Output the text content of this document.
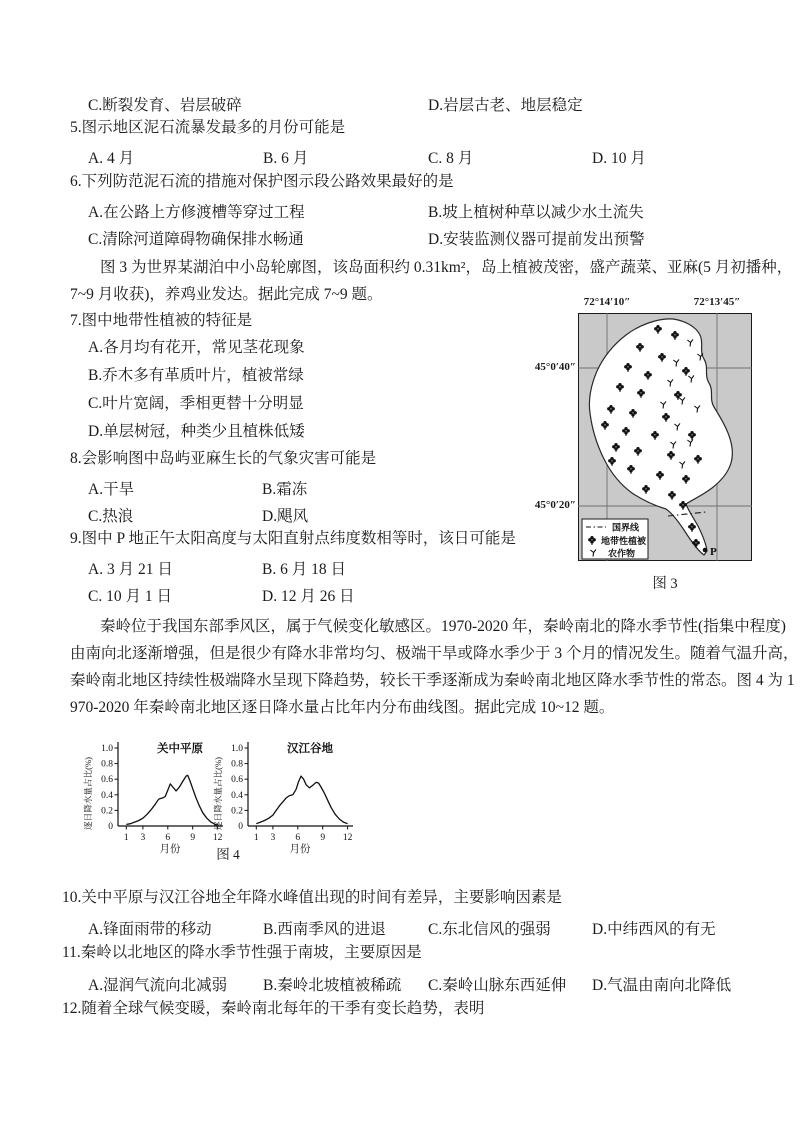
C.断裂发育、岩层破碎	D.岩层古老、地层稳定
5.图示地区泥石流暴发最多的月份可能是
A. 4 月	B. 6 月	C. 8 月	D. 10 月
6.下列防范泥石流的措施对保护图示段公路效果最好的是
A.在公路上方修渡槽等穿过工程	B.坡上植树种草以减少水土流失
C.清除河道障碍物确保排水畅通	D.安装监测仪器可提前发出预警
图 3 为世界某湖泊中小岛轮廓图，该岛面积约 0.31km²，岛上植被茂密，盛产蔬菜、亚麻(5 月初播种，
7~9 月收获)，养鸡业发达。据此完成 7~9 题。
7.图中地带性植被的特征是
A.各月均有花开，常见茎花现象
B.乔木多有革质叶片，植被常绿
C.叶片宽阔，季相更替十分明显
D.单层树冠，种类少且植株低矮
8.会影响图中岛屿亚麻生长的气象灾害可能是
A.干旱	B.霜冻
C.热浪	D.飓风
9.图中 P 地正午太阳高度与太阳直射点纬度数相等时，该日可能是
A. 3 月 21 日	B. 6 月 18 日
C. 10 月 1 日	D. 12 月 26 日
72°14′10″	72°13′45″
45°0′40″
45°0′20″
P
国界线
地带性植被
农作物
图 3
秦岭位于我国东部季风区，属于气候变化敏感区。1970-2020 年，秦岭南北的降水季节性(指集中程度)
由南向北逐渐增强，但是很少有降水非常均匀、极端干旱或降水季少于 3 个月的情况发生。随着气温升高，
秦岭南北地区持续性极端降水呈现下降趋势，较长干季逐渐成为秦岭南北地区降水季节性的常态。图 4 为 1
970-2020 年秦岭南北地区逐日降水量占比年内分布曲线图。据此完成 10~12 题。
0.2
0.4
0.6
0.8
1.0
0
1 3 6 9 12
关中平原
月份
逐日降水量占比(%)	0.2
0.4
0.6
0.8
1.0
0
1 3 6 9 12
汉江谷地
月份
逐日降水量占比(%)
图 4
10.关中平原与汉江谷地全年降水峰值出现的时间有差异，主要影响因素是
A.锋面雨带的移动	B.西南季风的进退	C.东北信风的强弱	D.中纬西风的有无
11.秦岭以北地区的降水季节性强于南坡，主要原因是
A.湿润气流向北减弱 B.秦岭北坡植被稀疏 C.秦岭山脉东西延伸 D.气温由南向北降低
12.随着全球气候变暖，秦岭南北每年的干季有变长趋势，表明
